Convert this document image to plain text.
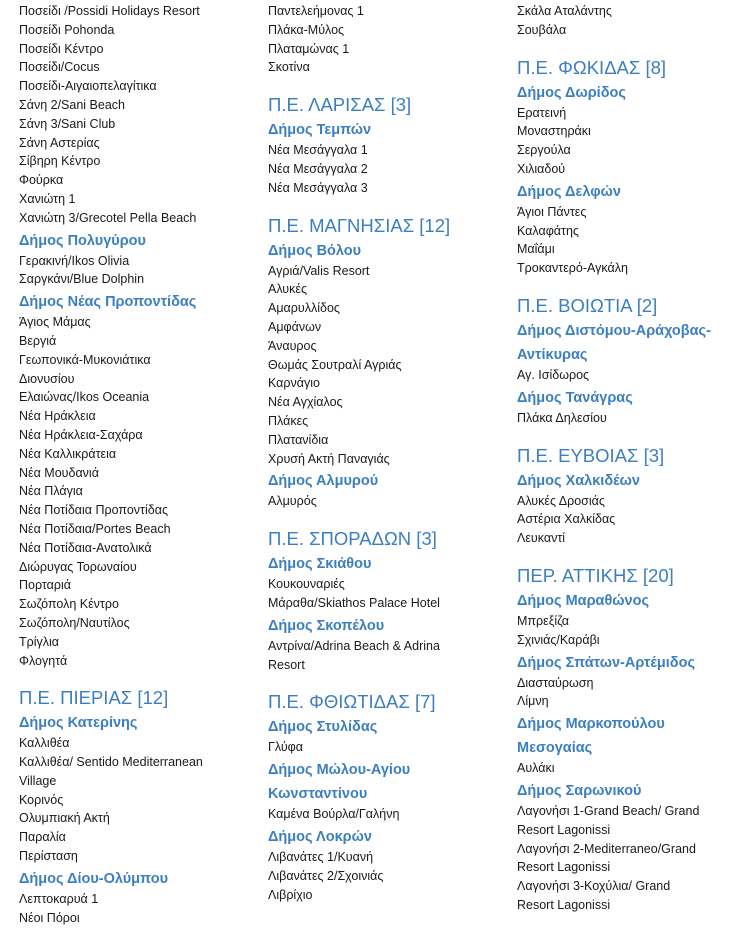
Ποσείδι /Possidi Holidays Resort
Ποσείδι Pohonda
Ποσείδι Κέντρο
Ποσείδι/Cocus
Ποσείδι-Αιγαιοπελαγίτικα
Σάνη 2/Sani Beach
Σάνη 3/Sani Club
Σάνη Αστερίας
Σίβηρη Κέντρο
Φούρκα
Χανιώτη 1
Χανιώτη 3/Grecotel Pella Beach
Δήμος Πολυγύρου
Γερακινή/Ikos Olivia
Σαργκάνι/Blue Dolphin
Δήμος Νέας Προποντίδας
Άγιος Μάμας
Βεργιά
Γεωπονικά-Μυκονιάτικα
Διονυσίου
Ελαιώνας/Ikos Oceania
Νέα Ηράκλεια
Νέα Ηράκλεια-Σαχάρα
Νέα Καλλικράτεια
Νέα Μουδανιά
Νέα Πλάγια
Νέα Ποτίδαια Προποντίδας
Νέα Ποτίδαια/Portes Beach
Νέα Ποτίδαια-Ανατολικά
Διώρυγας Τορωναίου
Πορταριά
Σωζόπολη Κέντρο
Σωζόπολη/Ναυτίλος
Τρίγλια
Φλογητά
Π.Ε. ΠΙΕΡΙΑΣ [12]
Δήμος Κατερίνης
Καλλιθέα
Καλλιθέα/ Sentido Mediterranean
Village
Κορινός
Ολυμπιακή Ακτή
Παραλία
Περίσταση
Δήμος Δίου-Ολύμπου
Λεπτοκαρυά 1
Νέοι Πόροι
Παντελεήμονας 1
Πλάκα-Μύλος
Πλαταμώνας 1
Σκοτίνα
Π.Ε. ΛΑΡΙΣΑΣ [3]
Δήμος Τεμπών
Νέα Μεσάγγαλα 1
Νέα Μεσάγγαλα 2
Νέα Μεσάγγαλα 3
Π.Ε. ΜΑΓΝΗΣΙΑΣ [12]
Δήμος Βόλου
Αγριά/Valis Resort
Αλυκές
Αμαρυλλίδος
Αμφάνων
Άναυρος
Θωμάς Σουτραλί Αγριάς
Καρνάγιο
Νέα Αγχίαλος
Πλάκες
Πλατανίδια
Χρυσή Ακτή Παναγιάς
Δήμος Αλμυρού
Αλμυρός
Π.Ε. ΣΠΟΡΑΔΩΝ [3]
Δήμος Σκιάθου
Κουκουναριές
Μάραθα/Skiathos Palace Hotel
Δήμος Σκοπέλου
Αντρίνα/Adrina Beach & Adrina
Resort
Π.Ε. ΦΘΙΩΤΙΔΑΣ [7]
Δήμος Στυλίδας
Γλύφα
Δήμος Μώλου-Αγίου
Κωνσταντίνου
Καμένα Βούρλα/Γαλήνη
Δήμος Λοκρών
Λιβανάτες 1/Κυανή
Λιβανάτες 2/Σχοινιάς
Λιβρίχιο
Σκάλα Αταλάντης
Σουβάλα
Π.Ε. ΦΩΚΙΔΑΣ [8]
Δήμος Δωρίδος
Ερατεινή
Μοναστηράκι
Σεργούλα
Χιλιαδού
Δήμος Δελφών
Άγιοι Πάντες
Καλαφάτης
Μαΐάμι
Τροκαντερό-Αγκάλη
Π.Ε. ΒΟΙΩΤΙΑ [2]
Δήμος Διστόμου-Αράχοβας-
Αντίκυρας
Αγ. Ισίδωρος
Δήμος Τανάγρας
Πλάκα Δηλεσίου
Π.Ε. ΕΥΒΟΙΑΣ [3]
Δήμος Χαλκιδέων
Αλυκές Δροσιάς
Αστέρια Χαλκίδας
Λευκαντί
ΠΕΡ. ΑΤΤΙΚΗΣ [20]
Δήμος Μαραθώνος
Μπρεξίζα
Σχινιάς/Καράβι
Δήμος Σπάτων-Αρτέμιδος
Διασταύρωση
Λίμνη
Δήμος Μαρκοπούλου
Μεσογαίας
Αυλάκι
Δήμος Σαρωνικού
Λαγονήσι 1-Grand Beach/ Grand
Resort Lagonissi
Λαγονήσι 2-Mediterraneo/Grand
Resort Lagonissi
Λαγονήσι 3-Κοχύλια/ Grand
Resort Lagonissi
